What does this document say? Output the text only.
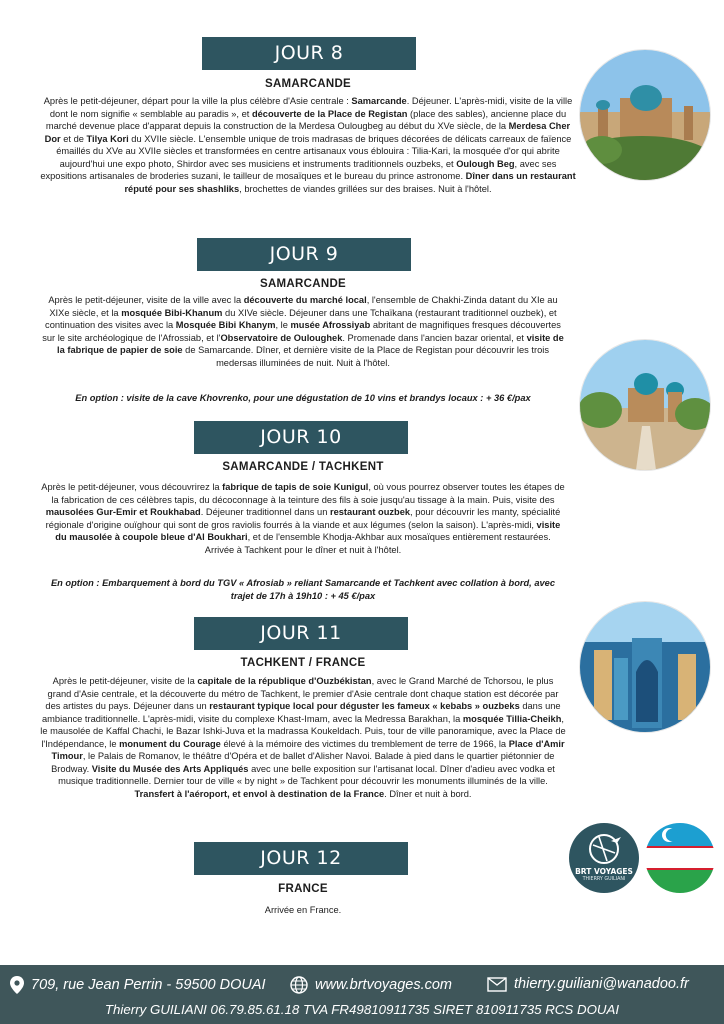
JOUR 8
SAMARCANDE
Après le petit-déjeuner, départ pour la ville la plus célèbre d'Asie centrale : Samarcande. Déjeuner. L'après-midi, visite de la ville dont le nom signifie « semblable au paradis », et découverte de la Place de Registan (place des sables), ancienne place du marché devenue place d'apparat depuis la construction de la Merdesa Oulougbeg au début du XVe siècle, de la Merdesa Cher Dor et de Tilya Kori du XVIIe siècle. L'ensemble unique de trois madrasas de briques décorées de délicats carreaux de faïence émaillés du XVe au XVIIe siècles et transformées en centre artisanaux vous éblouira : Tilia-Kari, la mosquée d'or qui abrite aujourd'hui une expo photo, Shirdor avec ses musiciens et instruments traditionnels ouzbeks, et Oulough Beg, avec ses expositions artisanales de broderies suzani, le tailleur de mosaïques et le bureau du prince astronome. Dîner dans un restaurant réputé pour ses shashliks, brochettes de viandes grillées sur des braises. Nuit à l'hôtel.
JOUR 9
SAMARCANDE
Après le petit-déjeuner, visite de la ville avec la découverte du marché local, l'ensemble de Chakhi-Zinda datant du XIe au XIXe siècle, et la mosquée Bibi-Khanum du XIVe siècle. Déjeuner dans une Tchaïkana (restaurant traditionnel ouzbek), et continuation des visites avec la Mosquée Bibi Khanym, le musée Afrossiyab abritant de magnifiques fresques découvertes sur le site archéologique de l'Afrossiab, et l'Observatoire de Ouloughek. Promenade dans l'ancien bazar oriental, et visite de la fabrique de papier de soie de Samarcande. Dîner, et dernière visite de la Place de Registan pour découvrir les trois medersas illuminées de nuit. Nuit à l'hôtel.
En option : visite de la cave Khovrenko, pour une dégustation de 10 vins et brandys locaux : + 36 €/pax
JOUR 10
SAMARCANDE / TACHKENT
Après le petit-déjeuner, vous découvrirez la fabrique de tapis de soie Kunigul, où vous pourrez observer toutes les étapes de la fabrication de ces célèbres tapis, du décoconnage à la teinture des fils à soie jusqu'au tissage à la main. Puis, visite des mausolées Gur-Emir et Roukhabad. Déjeuner traditionnel dans un restaurant ouzbek, pour découvrir les manty, spécialité régionale d'origine ouïghour qui sont de gros raviolis fourrés à la viande et aux légumes (selon la saison). L'après-midi, visite du mausolée à coupole bleue d'Al Boukhari, et de l'ensemble Khodja-Akhbar aux mosaïques entièrement restaurées. Arrivée à Tachkent pour le dîner et nuit à l'hôtel.
En option : Embarquement à bord du TGV « Afrosiab » reliant Samarcande et Tachkent avec collation à bord, avec trajet de 17h à 19h10 : + 45 €/pax
JOUR 11
TACHKENT / FRANCE
Après le petit-déjeuner, visite de la capitale de la république d'Ouzbékistan, avec le Grand Marché de Tchorsou, le plus grand d'Asie centrale, et la découverte du métro de Tachkent, le premier d'Asie centrale dont chaque station est décorée par des artistes du pays. Déjeuner dans un restaurant typique local pour déguster les fameux « kebabs » ouzbeks dans une ambiance traditionnelle. L'après-midi, visite du complexe Khast-Imam, avec la Medressa Barakhan, la mosquée Tillia-Cheikh, le mausolée de Kaffal Chachi, le Bazar Ishki-Juva et la madrassa Koukeldach. Puis, tour de ville panoramique, avec la Place de l'Indépendance, le monument du Courage élevé à la mémoire des victimes du tremblement de terre de 1966, la Place d'Amir Timour, le Palais de Romanov, le théâtre d'Opéra et de ballet d'Alisher Navoi. Balade à pied dans le quartier piétonnier de Brodway. Visite du Musée des Arts Appliqués avec une belle exposition sur l'artisanat local. Dîner d'adieu avec vodka et musique traditionnelle. Dernier tour de ville « by night » de Tachkent pour découvrir les monuments illuminés de la ville. Transfert à l'aéroport, et envol à destination de la France. Dîner et nuit à bord.
BRT VOYAGES
THIERRY GUILIANI
JOUR 12
FRANCE
Arrivée en France.
709, rue Jean Perrin - 59500 DOUAI	www.brtvoyages.com	thierry.guiliani@wanadoo.fr
Thierry GUILIANI 06.79.85.61.18 TVA FR49810911735 SIRET 810911735 RCS DOUAI
